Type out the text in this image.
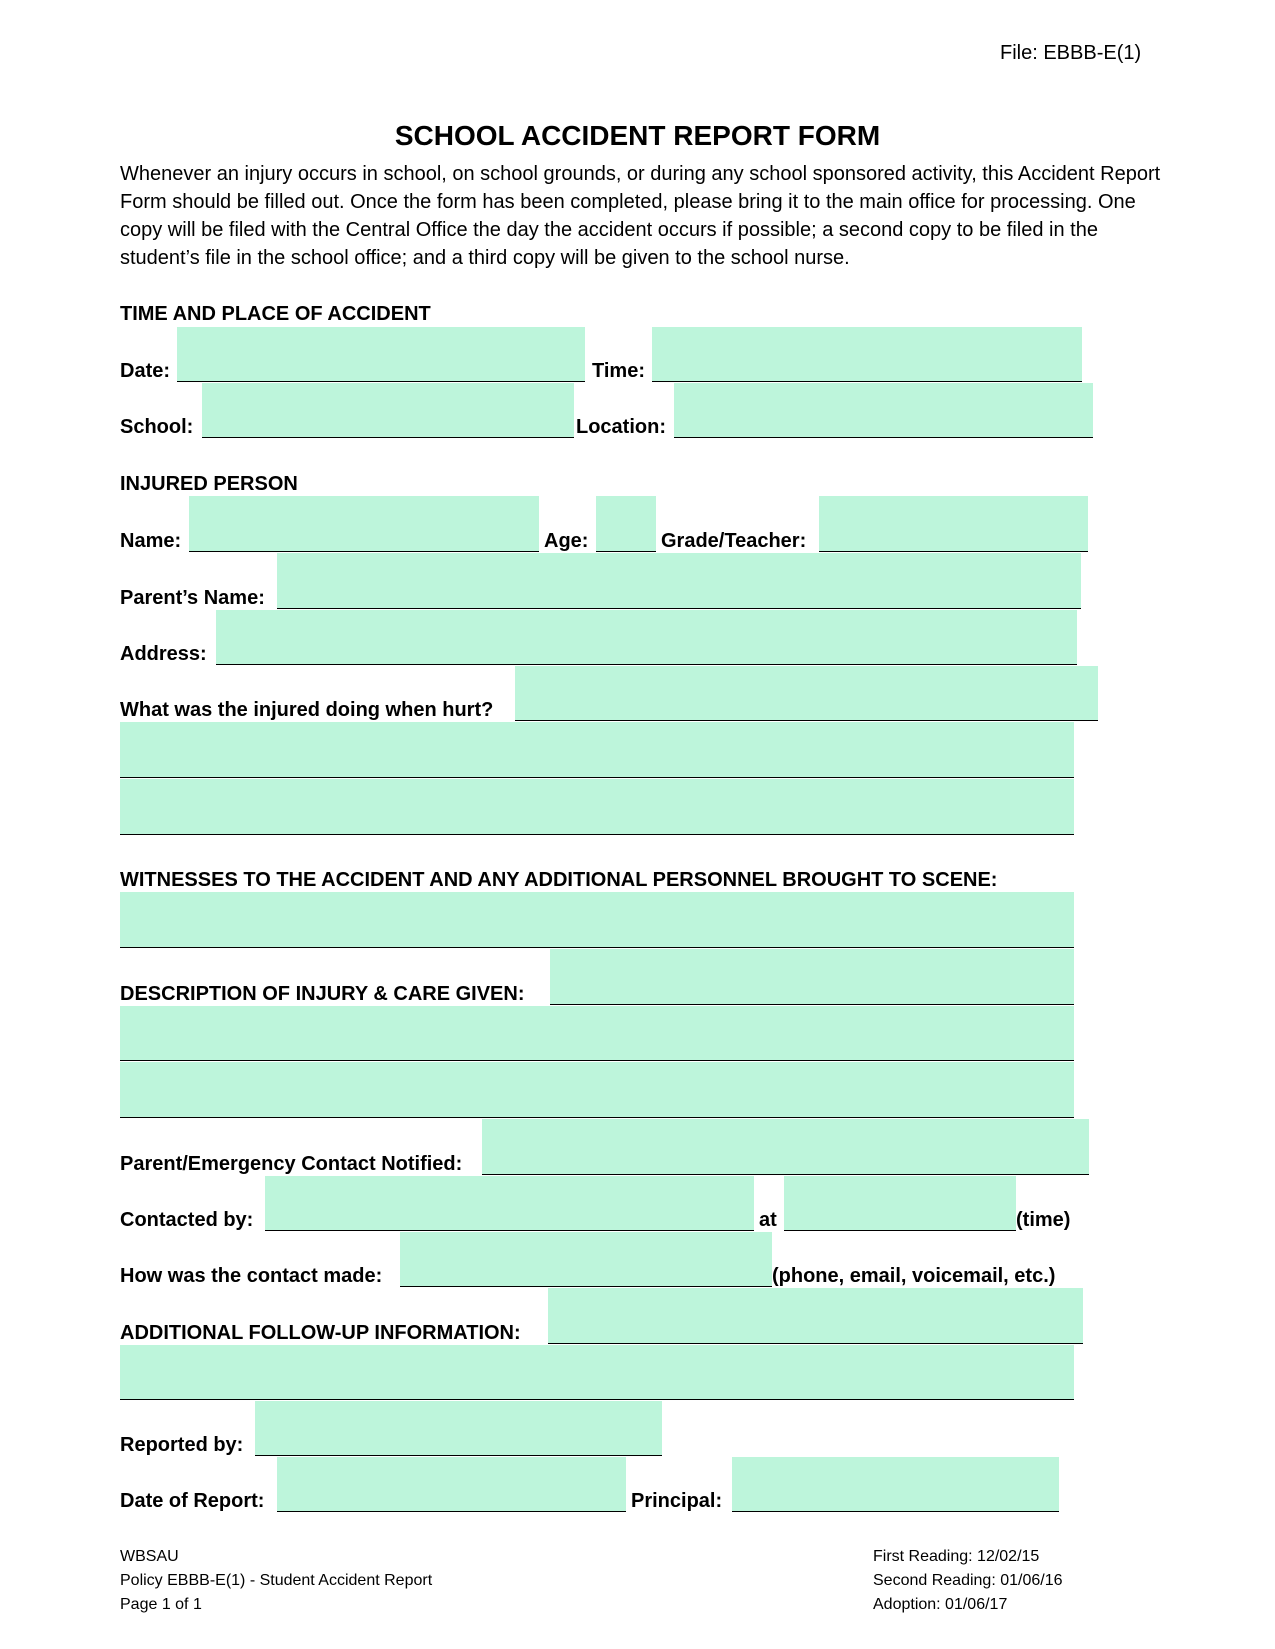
File: EBBB-E(1)
SCHOOL ACCIDENT REPORT FORM
Whenever an injury occurs in school, on school grounds, or during any school sponsored activity, this Accident Report Form should be filled out. Once the form has been completed, please bring it to the main office for processing. One copy will be filed with the Central Office the day the accident occurs if possible; a second copy to be filed in the student’s file in the school office; and a third copy will be given to the school nurse.
TIME AND PLACE OF ACCIDENT
Date:	Time:
School:	Location:
INJURED PERSON
Name:	Age:	Grade/Teacher:
Parent’s Name:
Address:
What was the injured doing when hurt?
WITNESSES TO THE ACCIDENT AND ANY ADDITIONAL PERSONNEL BROUGHT TO SCENE:
DESCRIPTION OF INJURY & CARE GIVEN:
Parent/Emergency Contact Notified:
Contacted by:	at	(time)
How was the contact made:	(phone, email, voicemail, etc.)
ADDITIONAL FOLLOW-UP INFORMATION:
Reported by:
Date of Report:	Principal:
WBSAU
Policy EBBB-E(1) - Student Accident Report
Page 1 of 1
First Reading: 12/02/15
Second Reading: 01/06/16
Adoption: 01/06/17
